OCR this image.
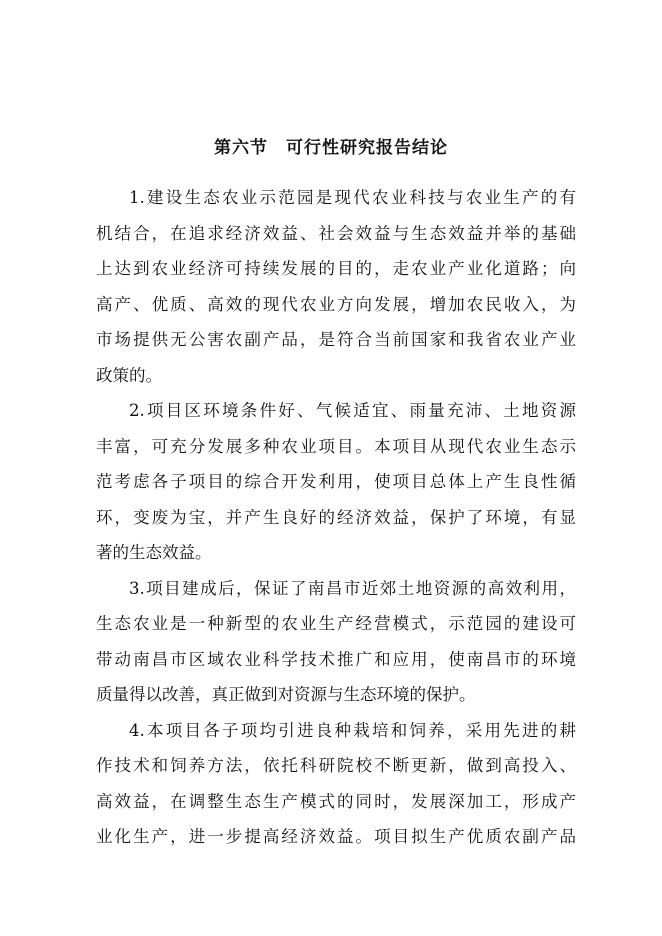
第六节　可行性研究报告结论
1.建设生态农业示范园是现代农业科技与农业生产的有
机结合，在追求经济效益、社会效益与生态效益并举的基础
上达到农业经济可持续发展的目的，走农业产业化道路；向
高产、优质、高效的现代农业方向发展，增加农民收入，为
市场提供无公害农副产品，是符合当前国家和我省农业产业
政策的。
2.项目区环境条件好、气候适宜、雨量充沛、土地资源
丰富，可充分发展多种农业项目。本项目从现代农业生态示
范考虑各子项目的综合开发利用，使项目总体上产生良性循
环，变废为宝，并产生良好的经济效益，保护了环境，有显
著的生态效益。
3.项目建成后，保证了南昌市近郊土地资源的高效利用，
生态农业是一种新型的农业生产经营模式，示范园的建设可
带动南昌市区域农业科学技术推广和应用，使南昌市的环境
质量得以改善，真正做到对资源与生态环境的保护。
4.本项目各子项均引进良种栽培和饲养，采用先进的耕
作技术和饲养方法，依托科研院校不断更新，做到高投入、
高效益，在调整生态生产模式的同时，发展深加工，形成产
业化生产，进一步提高经济效益。项目拟生产优质农副产品
